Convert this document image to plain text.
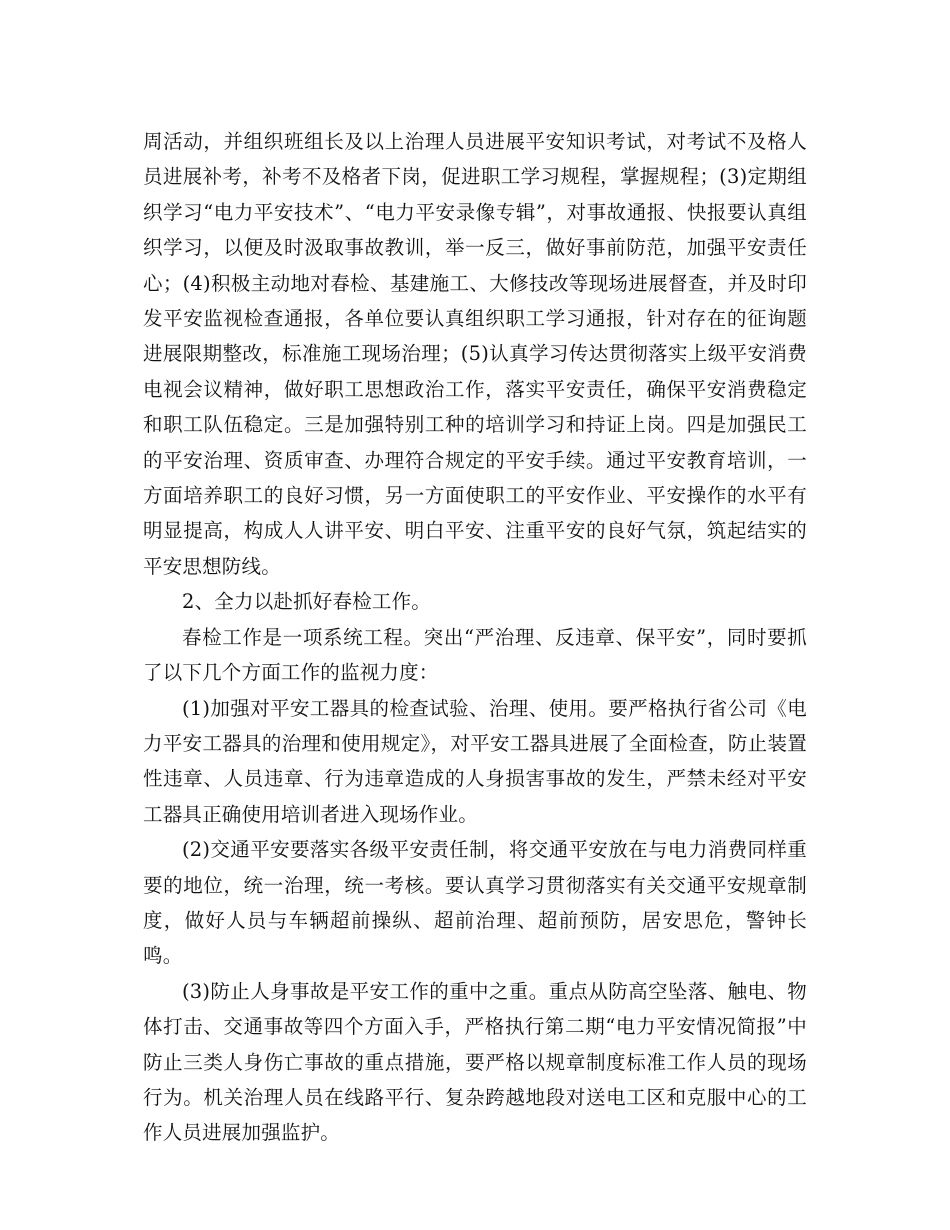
周活动，并组织班组长及以上治理人员进展平安知识考试，对考试不及格人员进展补考，补考不及格者下岗，促进职工学习规程，掌握规程；(3)定期组织学习“电力平安技术”、“电力平安录像专辑”，对事故通报、快报要认真组织学习，以便及时汲取事故教训，举一反三，做好事前防范，加强平安责任心；(4)积极主动地对春检、基建施工、大修技改等现场进展督查，并及时印发平安监视检查通报，各单位要认真组织职工学习通报，针对存在的征询题进展限期整改，标准施工现场治理；(5)认真学习传达贯彻落实上级平安消费电视会议精神，做好职工思想政治工作，落实平安责任，确保平安消费稳定和职工队伍稳定。三是加强特别工种的培训学习和持证上岗。四是加强民工的平安治理、资质审查、办理符合规定的平安手续。通过平安教育培训，一方面培养职工的良好习惯，另一方面使职工的平安作业、平安操作的水平有明显提高，构成人人讲平安、明白平安、注重平安的良好气氛，筑起结实的平安思想防线。

2、全力以赴抓好春检工作。

春检工作是一项系统工程。突出“严治理、反违章、保平安”，同时要抓了以下几个方面工作的监视力度：

(1)加强对平安工器具的检查试验、治理、使用。要严格执行省公司《电力平安工器具的治理和使用规定》，对平安工器具进展了全面检查，防止装置性违章、人员违章、行为违章造成的人身损害事故的发生，严禁未经对平安工器具正确使用培训者进入现场作业。

(2)交通平安要落实各级平安责任制，将交通平安放在与电力消费同样重要的地位，统一治理，统一考核。要认真学习贯彻落实有关交通平安规章制度，做好人员与车辆超前操纵、超前治理、超前预防，居安思危，警钟长鸣。

(3)防止人身事故是平安工作的重中之重。重点从防高空坠落、触电、物体打击、交通事故等四个方面入手，严格执行第二期“电力平安情况简报”中防止三类人身伤亡事故的重点措施，要严格以规章制度标准工作人员的现场行为。机关治理人员在线路平行、复杂跨越地段对送电工区和克服中心的工作人员进展加强监护。
